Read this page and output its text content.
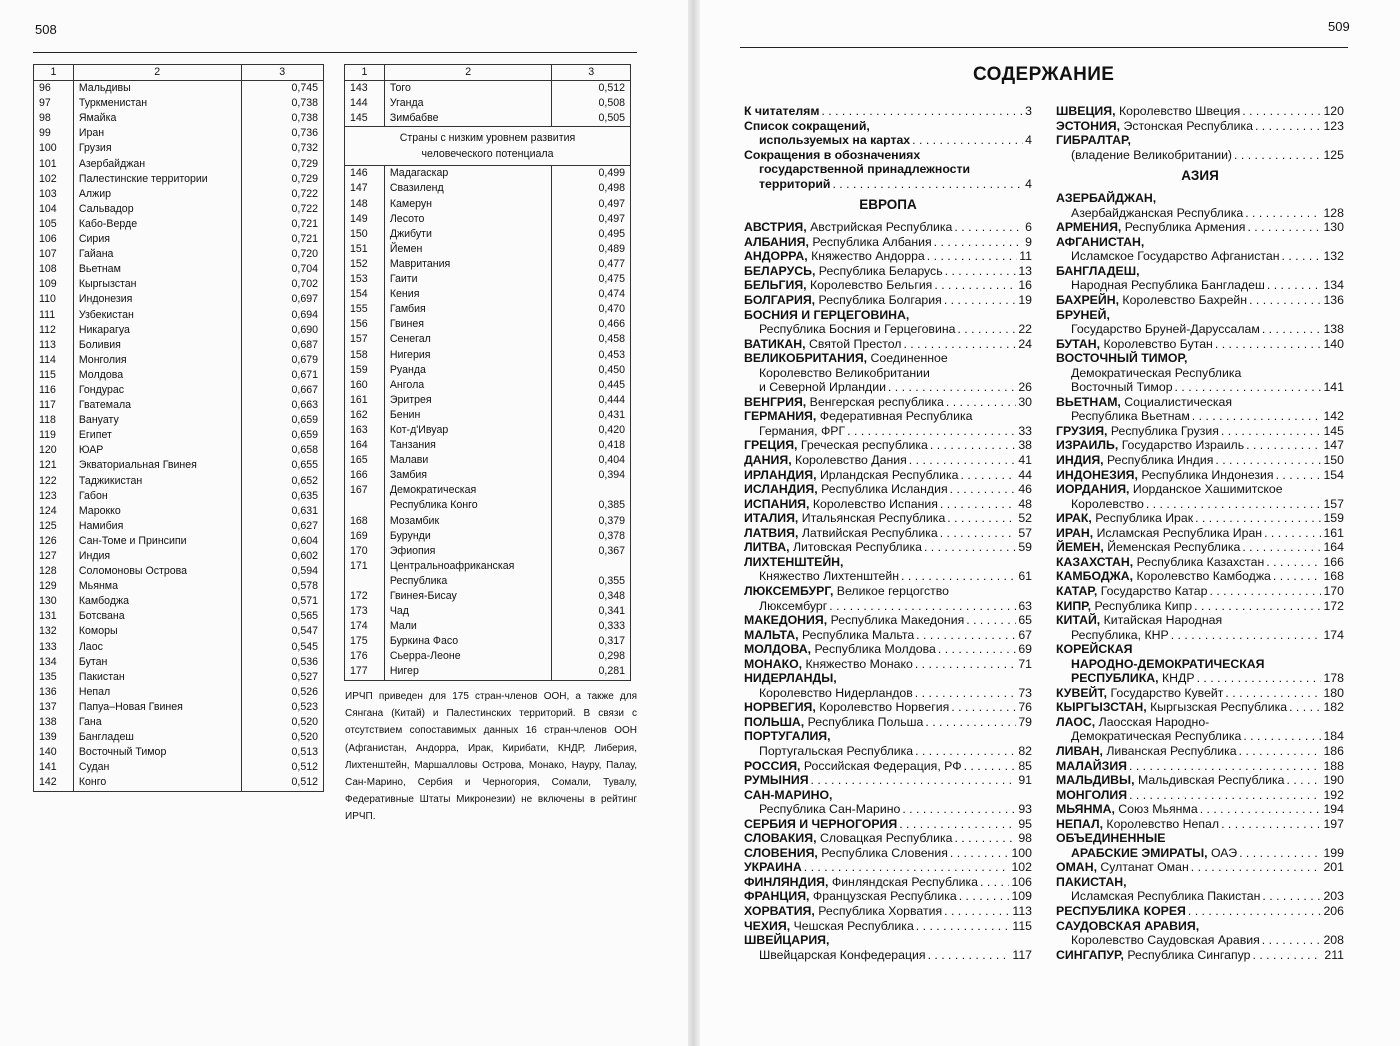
508
1	2	3
96	Мальдивы	0,745
97	Туркменистан	0,738
98	Ямайка	0,738
99	Иран	0,736
100	Грузия	0,732
101	Азербайджан	0,729
102	Палестинские территории	0,729
103	Алжир	0,722
104	Сальвадор	0,722
105	Кабо-Верде	0,721
106	Сирия	0,721
107	Гайана	0,720
108	Вьетнам	0,704
109	Кыргызстан	0,702
110	Индонезия	0,697
111	Узбекистан	0,694
112	Никарагуа	0,690
113	Боливия	0,687
114	Монголия	0,679
115	Молдова	0,671
116	Гондурас	0,667
117	Гватемала	0,663
118	Вануату	0,659
119	Египет	0,659
120	ЮАР	0,658
121	Экваториальная Гвинея	0,655
122	Таджикистан	0,652
123	Габон	0,635
124	Марокко	0,631
125	Намибия	0,627
126	Сан-Томе и Принсипи	0,604
127	Индия	0,602
128	Соломоновы Острова	0,594
129	Мьянма	0,578
130	Камбоджа	0,571
131	Ботсвана	0,565
132	Коморы	0,547
133	Лаос	0,545
134	Бутан	0,536
135	Пакистан	0,527
136	Непал	0,526
137	Папуа–Новая Гвинея	0,523
138	Гана	0,520
139	Бангладеш	0,520
140	Восточный Тимор	0,513
141	Судан	0,512
142	Конго	0,512
1	2	3
143	Того	0,512
144	Уганда	0,508
145	Зимбабве	0,505

Страны с низким уровнем развития
человеческого потенциала		

146	Мадагаскар	0,499
147	Свазиленд	0,498
148	Камерун	0,497
149	Лесото	0,497
150	Джибути	0,495
151	Йемен	0,489
152	Мавритания	0,477
153	Гаити	0,475
154	Кения	0,474
155	Гамбия	0,470
156	Гвинея	0,466
157	Сенегал	0,458
158	Нигерия	0,453
159	Руанда	0,450
160	Ангола	0,445
161	Эритрея	0,444
162	Бенин	0,431
163	Кот-д'Ивуар	0,420
164	Танзания	0,418
165	Малави	0,404
166	Замбия	0,394
167	Демократическая	
	Республика Конго	0,385
168	Мозамбик	0,379
169	Бурунди	0,378
170	Эфиопия	0,367
171	Центральноафриканская	
	Республика	0,355
172	Гвинея-Бисау	0,348
173	Чад	0,341
174	Мали	0,333
175	Буркина Фасо	0,317
176	Сьерра-Леоне	0,298
177	Нигер	0,281
ИРЧП приведен для 175 стран-членов ООН, а также для Сянгана (Китай) и Палестинских территорий. В связи с отсутствием сопоставимых данных 16 стран-членов ООН (Афганистан, Андорра, Ирак, Кирибати, КНДР, Либерия, Лихтенштейн, Маршалловы Острова, Монако, Науру, Палау, Сан-Марино, Сербия и Черногория, Сомали, Тувалу, Федеративные Штаты Микронезии) не включены в рейтинг ИРЧП.
509
СОДЕРЖАНИЕ
К читателям . . .	3
Список сокращений,
используемых на картах . . .	4
Сокращения в обозначениях
государственной принадлежности
территорий . . .	4
ЕВРОПА
АВСТРИЯ, Австрийская Республика . . .	6
АЛБАНИЯ, Республика Албания . . .	9
АНДОРРА, Княжество Андорра . . .	11
БЕЛАРУСЬ, Республика Беларусь . . .	13
БЕЛЬГИЯ, Королевство Бельгия . . .	16
БОЛГАРИЯ, Республика Болгария . . .	19
БОСНИЯ И ГЕРЦЕГОВИНА,
Республика Босния и Герцеговина . . .	22
ВАТИКАН, Святой Престол . . .	24
ВЕЛИКОБРИТАНИЯ, Соединенное
Королевство Великобритании
и Северной Ирландии . . .	26
ВЕНГРИЯ, Венгерская республика . . .	30
ГЕРМАНИЯ, Федеративная Республика
Германия, ФРГ . . .	33
ГРЕЦИЯ, Греческая республика . . .	38
ДАНИЯ, Королевство Дания . . .	41
ИРЛАНДИЯ, Ирландская Республика . . .	44
ИСЛАНДИЯ, Республика Исландия . . .	46
ИСПАНИЯ, Королевство Испания . . .	48
ИТАЛИЯ, Итальянская Республика . . .	52
ЛАТВИЯ, Латвийская Республика . . .	57
ЛИТВА, Литовская Республика . . .	59
ЛИХТЕНШТЕЙН,
Княжество Лихтенштейн . . .	61
ЛЮКСЕМБУРГ, Великое герцогство
Люксембург . . .	63
МАКЕДОНИЯ, Республика Македония . . .	65
МАЛЬТА, Республика Мальта . . .	67
МОЛДОВА, Республика Молдова . . .	69
МОНАКО, Княжество Монако . . .	71
НИДЕРЛАНДЫ,
Королевство Нидерландов . . .	73
НОРВЕГИЯ, Королевство Норвегия . . .	76
ПОЛЬША, Республика Польша . . .	79
ПОРТУГАЛИЯ,
Португальская Республика . . .	82
РОССИЯ, Российская Федерация, РФ . . .	85
РУМЫНИЯ . . .	91
САН-МАРИНО,
Республика Сан-Марино . . .	93
СЕРБИЯ И ЧЕРНОГОРИЯ . . .	95
СЛОВАКИЯ, Словацкая Республика . . .	98
СЛОВЕНИЯ, Республика Словения . . .	100
УКРАИНА . . .	102
ФИНЛЯНДИЯ, Финляндская Республика . . .	106
ФРАНЦИЯ, Французская Республика . . .	109
ХОРВАТИЯ, Республика Хорватия . . .	113
ЧЕХИЯ, Чешская Республика . . .	115
ШВЕЙЦАРИЯ,
Швейцарская Конфедерация . . .	117
ШВЕЦИЯ, Королевство Швеция . . .	120
ЭСТОНИЯ, Эстонская Республика . . .	123
ГИБРАЛТАР,
(владение Великобритании) . . .	125
АЗИЯ
АЗЕРБАЙДЖАН,
Азербайджанская Республика . . .	128
АРМЕНИЯ, Республика Армения . . .	130
АФГАНИСТАН,
Исламское Государство Афганистан . . .	132
БАНГЛАДЕШ,
Народная Республика Бангладеш . . .	134
БАХРЕЙН, Королевство Бахрейн . . .	136
БРУНЕЙ,
Государство Бруней-Даруссалам . . .	138
БУТАН, Королевство Бутан . . .	140
ВОСТОЧНЫЙ ТИМОР,
Демократическая Республика
Восточный Тимор . . .	141
ВЬЕТНАМ, Социалистическая
Республика Вьетнам . . .	142
ГРУЗИЯ, Республика Грузия . . .	145
ИЗРАИЛЬ, Государство Израиль . . .	147
ИНДИЯ, Республика Индия . . .	150
ИНДОНЕЗИЯ, Республика Индонезия . . .	154
ИОРДАНИЯ, Иорданское Хашимитское
Королевство . . .	157
ИРАК, Республика Ирак . . .	159
ИРАН, Исламская Республика Иран . . .	161
ЙЕМЕН, Йеменская Республика . . .	164
КАЗАХСТАН, Республика Казахстан . . .	166
КАМБОДЖА, Королевство Камбоджа . . .	168
КАТАР, Государство Катар . . .	170
КИПР, Республика Кипр . . .	172
КИТАЙ, Китайская Народная
Республика, КНР . . .	174
КОРЕЙСКАЯ
НАРОДНО-ДЕМОКРАТИЧЕСКАЯ
РЕСПУБЛИКА, КНДР . . .	178
КУВЕЙТ, Государство Кувейт . . .	180
КЫРГЫЗСТАН, Кыргызская Республика . . .	182
ЛАОС, Лаосская Народно-
Демократическая Республика . . .	184
ЛИВАН, Ливанская Республика . . .	186
МАЛАЙЗИЯ . . .	188
МАЛЬДИВЫ, Мальдивская Республика . . .	190
МОНГОЛИЯ . . .	192
МЬЯНМА, Союз Мьянма . . .	194
НЕПАЛ, Королевство Непал . . .	197
ОБЪЕДИНЕННЫЕ
АРАБСКИЕ ЭМИРАТЫ, ОАЭ . . .	199
ОМАН, Султанат Оман . . .	201
ПАКИСТАН,
Исламская Республика Пакистан . . .	203
РЕСПУБЛИКА КОРЕЯ . . .	206
САУДОВСКАЯ АРАВИЯ,
Королевство Саудовская Аравия . . .	208
СИНГАПУР, Республика Сингапур . . .	211
